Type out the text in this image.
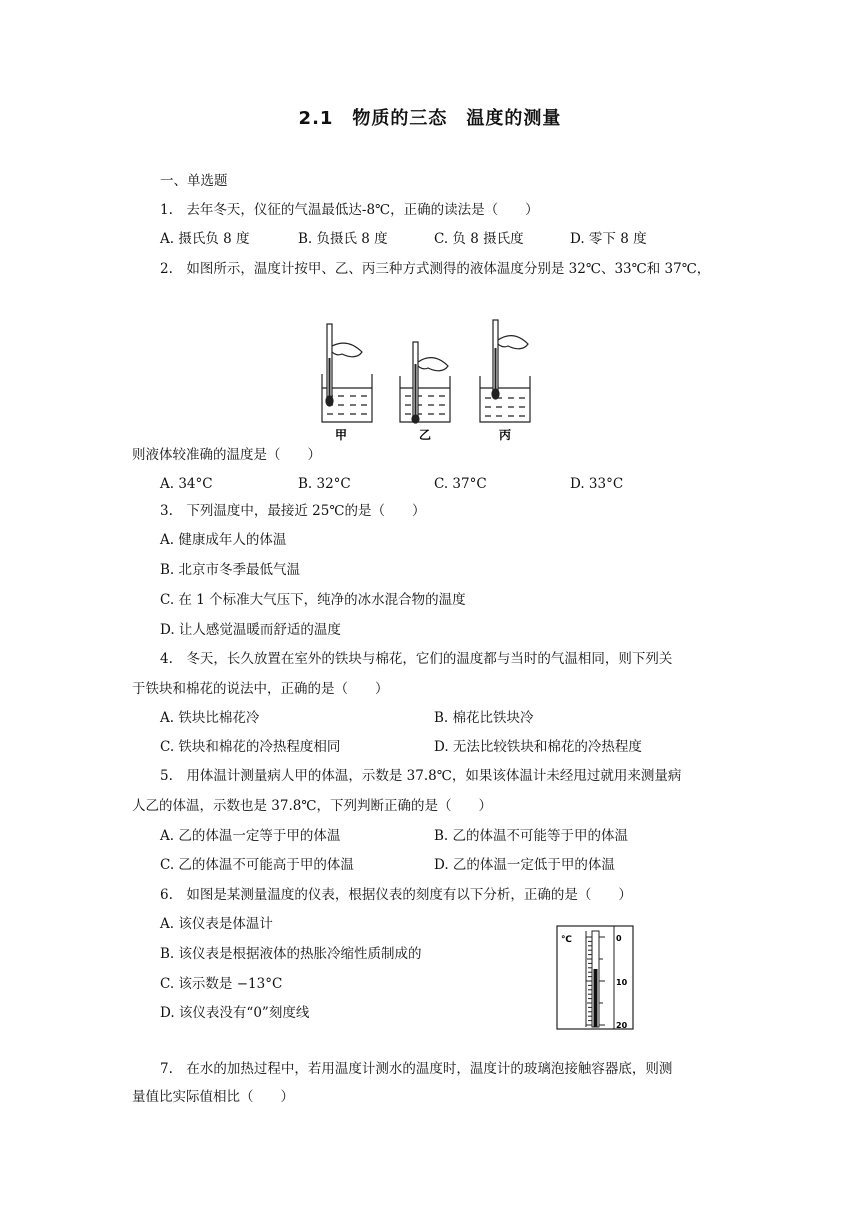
2.1　物质的三态　温度的测量
一、单选题
1.　去年冬天，仪征的气温最低达-8℃，正确的读法是（　　）
A. 摄氏负 8 度	B. 负摄氏 8 度	C. 负 8 摄氏度	D. 零下 8 度
2.　如图所示，温度计按甲、乙、丙三种方式测得的液体温度分别是 32℃、33℃和 37℃，
甲	乙	丙
则液体较准确的温度是（　　）
A. 34°C	B. 32°C	C. 37°C	D. 33°C
3.　下列温度中，最接近 25℃的是（　　）
A. 健康成年人的体温
B. 北京市冬季最低气温
C. 在 1 个标准大气压下，纯净的冰水混合物的温度
D. 让人感觉温暖而舒适的温度
4.　冬天，长久放置在室外的铁块与棉花，它们的温度都与当时的气温相同，则下列关
于铁块和棉花的说法中，正确的是（　　）
A. 铁块比棉花冷	B. 棉花比铁块冷
C. 铁块和棉花的冷热程度相同	D. 无法比较铁块和棉花的冷热程度
5.　用体温计测量病人甲的体温，示数是 37.8℃，如果该体温计未经甩过就用来测量病
人乙的体温，示数也是 37.8℃，下列判断正确的是（　　）
A. 乙的体温一定等于甲的体温	B. 乙的体温不可能等于甲的体温
C. 乙的体温不可能高于甲的体温	D. 乙的体温一定低于甲的体温
6.　如图是某测量温度的仪表，根据仪表的刻度有以下分析，正确的是（　　）
A. 该仪表是体温计
B. 该仪表是根据液体的热胀冷缩性质制成的
C. 该示数是 −13°C
D. 该仪表没有“0”刻度线
℃	0
10
20
7.　在水的加热过程中，若用温度计测水的温度时，温度计的玻璃泡接触容器底，则测
量值比实际值相比（　　）
